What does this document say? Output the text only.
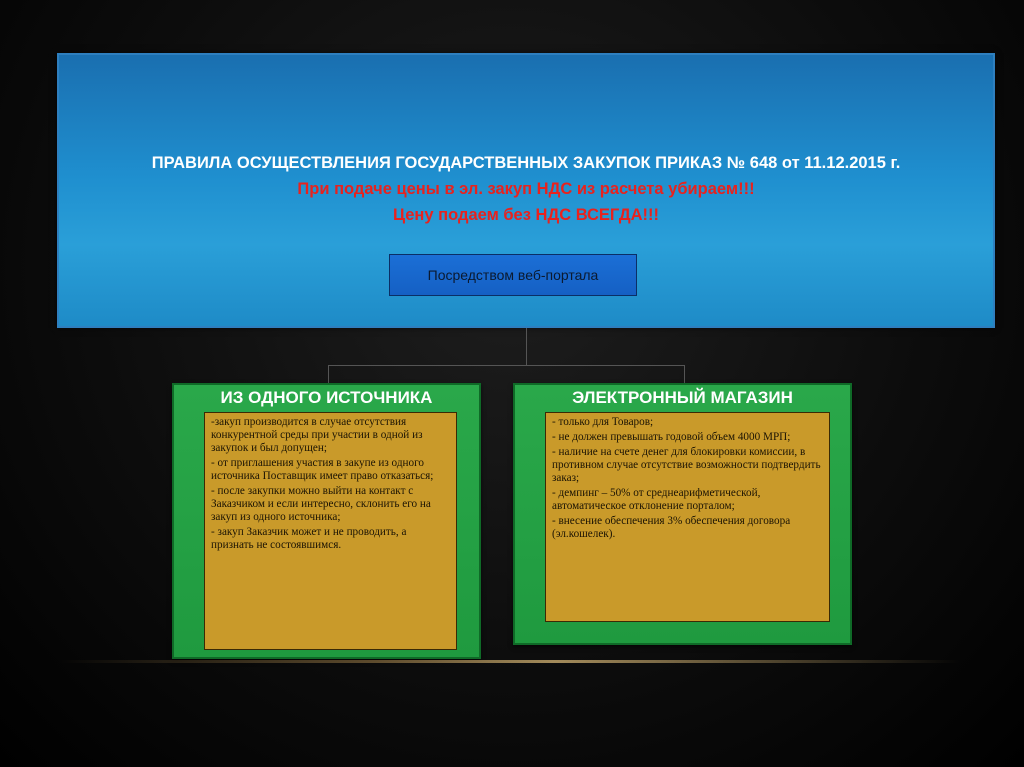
ПРАВИЛА ОСУЩЕСТВЛЕНИЯ ГОСУДАРСТВЕННЫХ ЗАКУПОК ПРИКАЗ № 648 от 11.12.2015 г.
При подаче цены в эл. закуп НДС из расчета убираем!!!
Цену подаем без НДС ВСЕГДА!!!
Посредством веб-портала
ИЗ ОДНОГО ИСТОЧНИКА

-закуп производится в случае отсутствия конкурентной среды при участии в одной из закупок и был допущен;

- от приглашения участия в закупе из одного источника Поставщик имеет право отказаться;

- после закупки можно выйти на контакт с Заказчиком и если интересно, склонить его на закуп из одного источника;

- закуп Заказчик может и не проводить, а признать не состоявшимся.

ЭЛЕКТРОННЫЙ МАГАЗИН

- только для Товаров;

- не должен превышать годовой объем 4000 МРП;

- наличие на счете денег для блокировки комиссии, в противном случае отсутствие возможности подтвердить заказ;

- демпинг – 50% от среднеарифметической, автоматическое отклонение порталом;

- внесение обеспечения 3% обеспечения договора (эл.кошелек).
